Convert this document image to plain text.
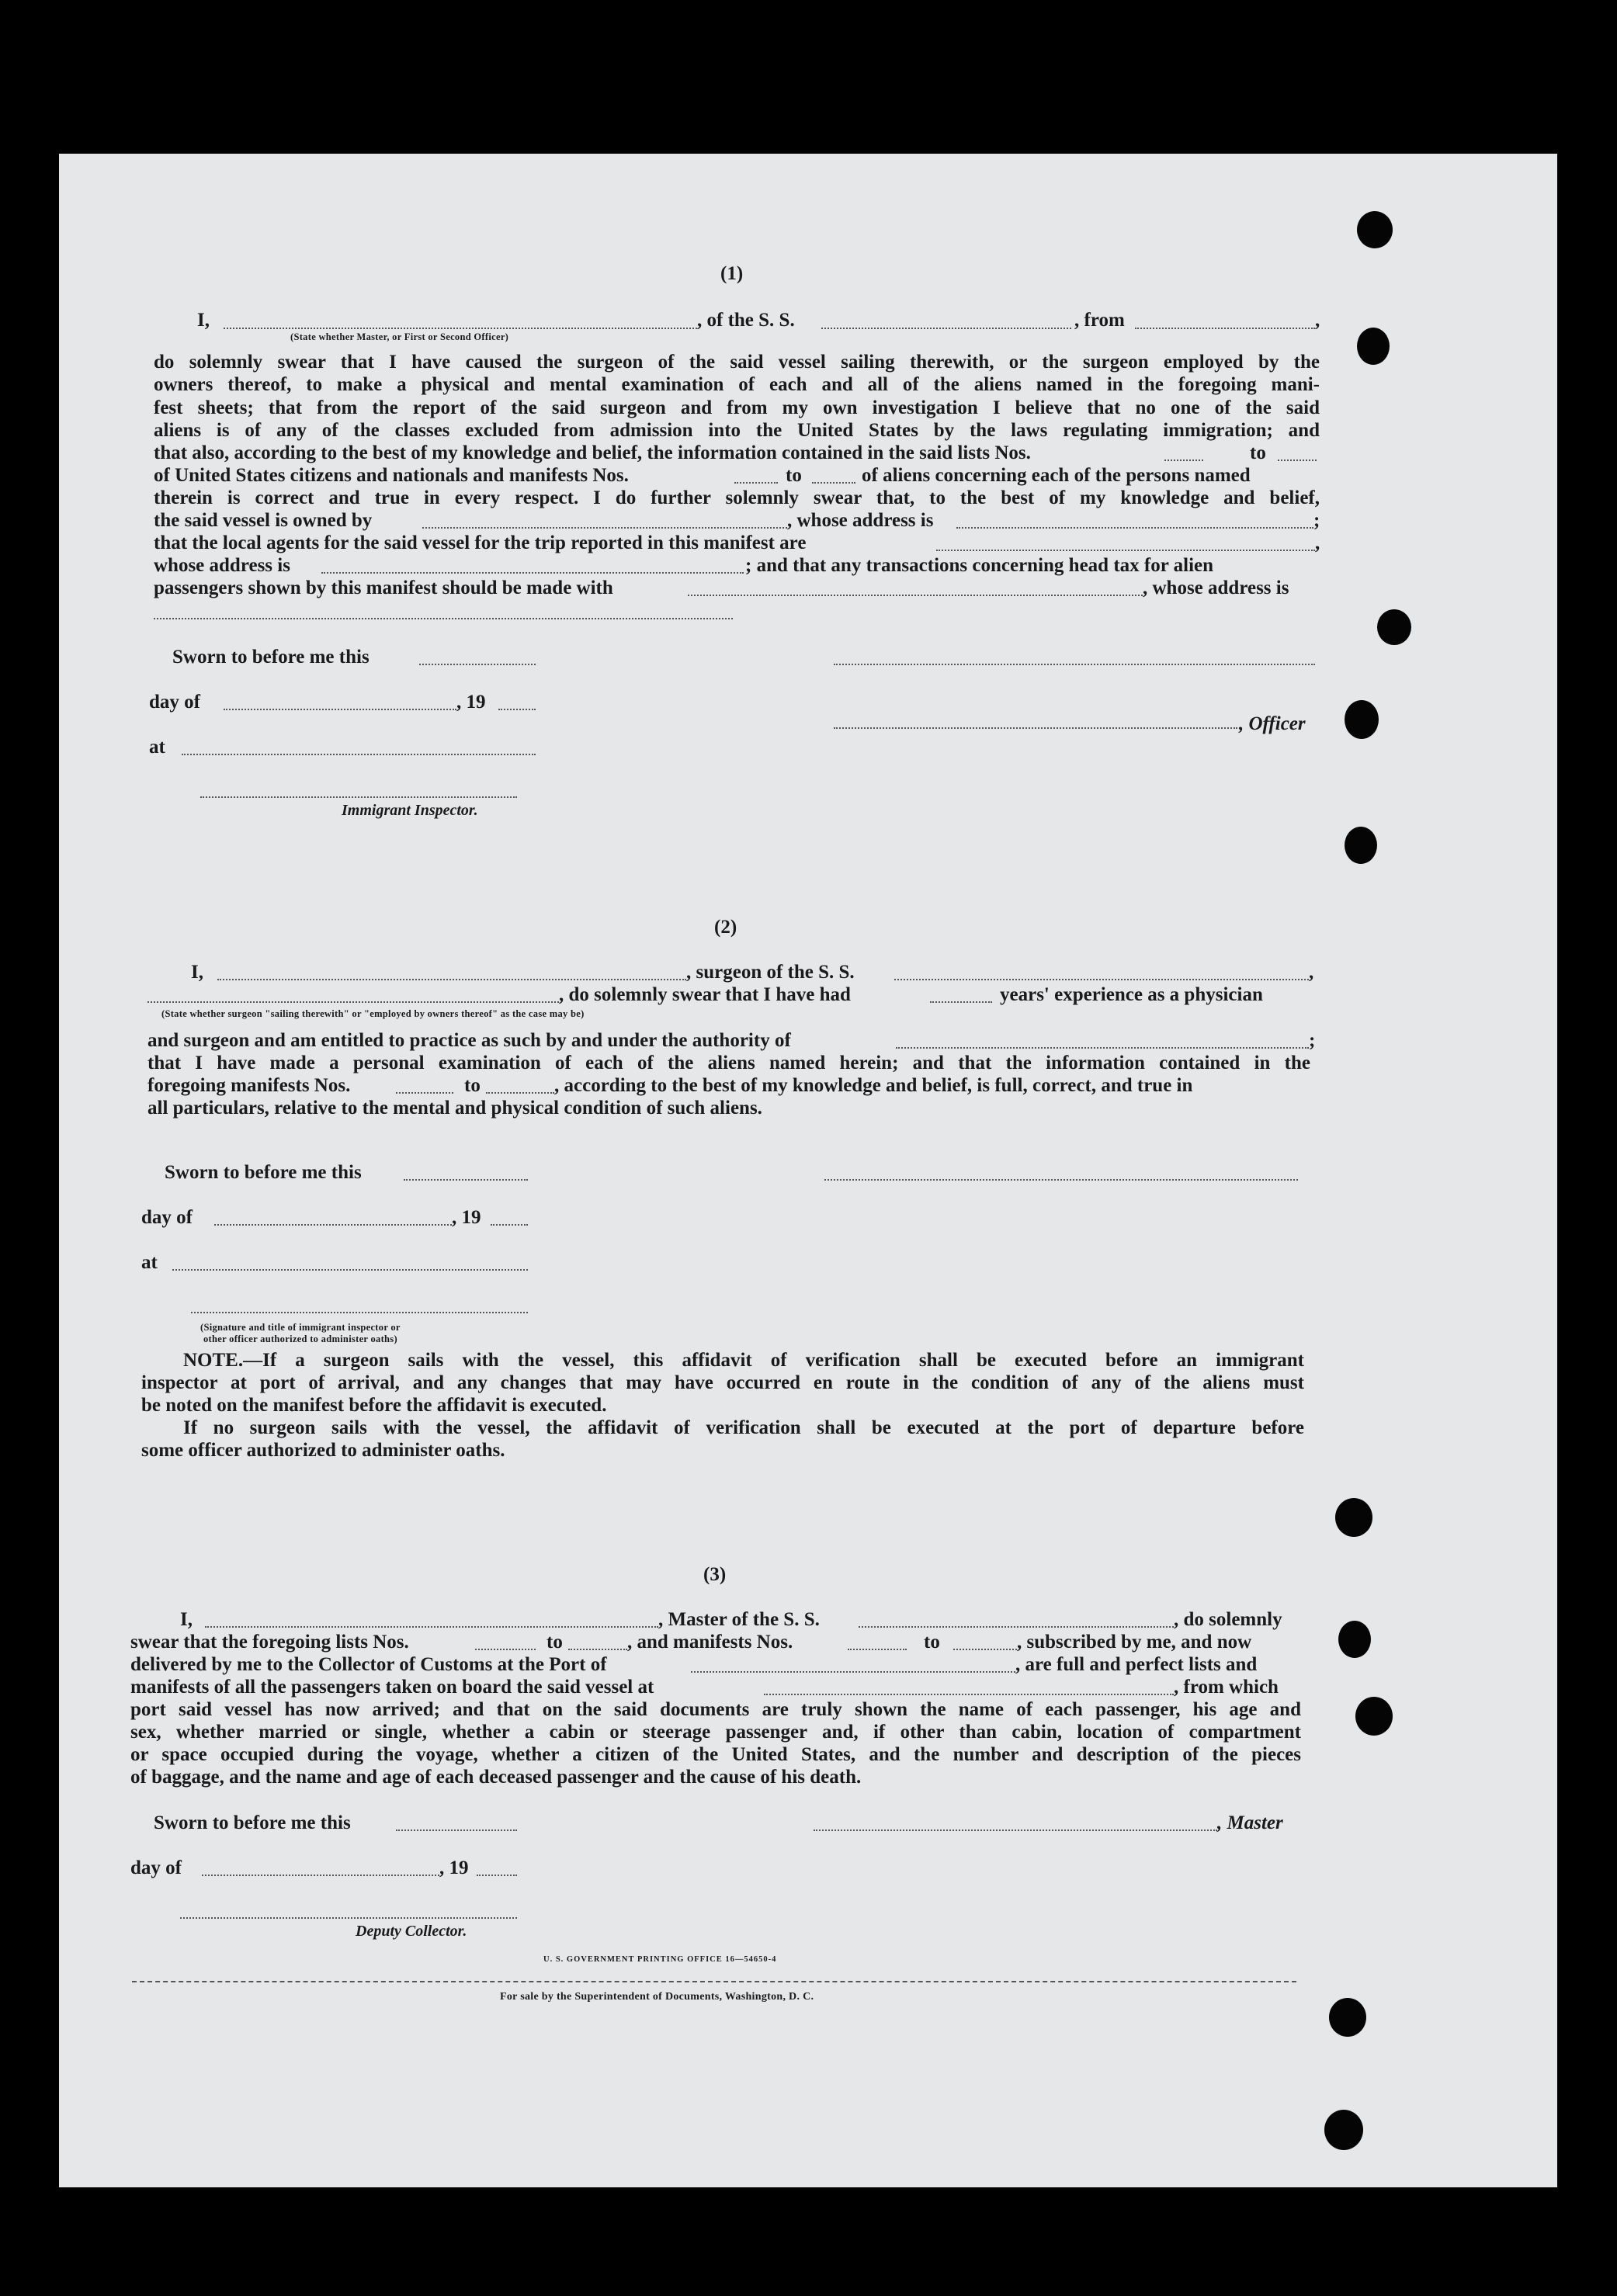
(1)
I,
(State whether Master, or First or Second Officer)
, of the S. S.	, from	,
do solemnly swear that I have caused the surgeon of the said vessel sailing therewith, or the surgeon employed by the
owners thereof, to make a physical and mental examination of each and all of the aliens named in the foregoing mani-
fest sheets; that from the report of the said surgeon and from my own investigation I believe that no one of the said
aliens is of any of the classes excluded from admission into the United States by the laws regulating immigration; and
that also, according to the best of my knowledge and belief, the information contained in the said lists Nos.	to
of United States citizens and nationals and manifests Nos.	to	of aliens concerning each of the persons named
therein is correct and true in every respect. I do further solemnly swear that, to the best of my knowledge and belief,
the said vessel is owned by	, whose address is	;
that the local agents for the said vessel for the trip reported in this manifest are	,
whose address is	; and that any transactions concerning head tax for alien
passengers shown by this manifest should be made with	, whose address is
Sworn to before me this
day of	, 19
, Officer
at
Immigrant Inspector.
(2)
I,	, surgeon of the S. S.	,
, do solemnly swear that I have had	years' experience as a physician
(State whether surgeon "sailing therewith" or "employed by owners thereof" as the case may be)
and surgeon and am entitled to practice as such by and under the authority of	;
that I have made a personal examination of each of the aliens named herein; and that the information contained in the
foregoing manifests Nos.	to	, according to the best of my knowledge and belief, is full, correct, and true in
all particulars, relative to the mental and physical condition of such aliens.
Sworn to before me this
day of	, 19
at
(Signature and title of immigrant inspector or
other officer authorized to administer oaths)
NOTE.—If a surgeon sails with the vessel, this affidavit of verification shall be executed before an immigrant
inspector at port of arrival, and any changes that may have occurred en route in the condition of any of the aliens must
be noted on the manifest before the affidavit is executed.
If no surgeon sails with the vessel, the affidavit of verification shall be executed at the port of departure before
some officer authorized to administer oaths.
(3)
I,	, Master of the S. S.	, do solemnly
swear that the foregoing lists Nos.	to	, and manifests Nos.	to	, subscribed by me, and now
delivered by me to the Collector of Customs at the Port of	, are full and perfect lists and
manifests of all the passengers taken on board the said vessel at	, from which
port said vessel has now arrived; and that on the said documents are truly shown the name of each passenger, his age and
sex, whether married or single, whether a cabin or steerage passenger and, if other than cabin, location of compartment
or space occupied during the voyage, whether a citizen of the United States, and the number and description of the pieces
of baggage, and the name and age of each deceased passenger and the cause of his death.
Sworn to before me this	, Master
day of	, 19
Deputy Collector.
U. S. GOVERNMENT PRINTING OFFICE 16—54650-4
For sale by the Superintendent of Documents, Washington, D. C.
